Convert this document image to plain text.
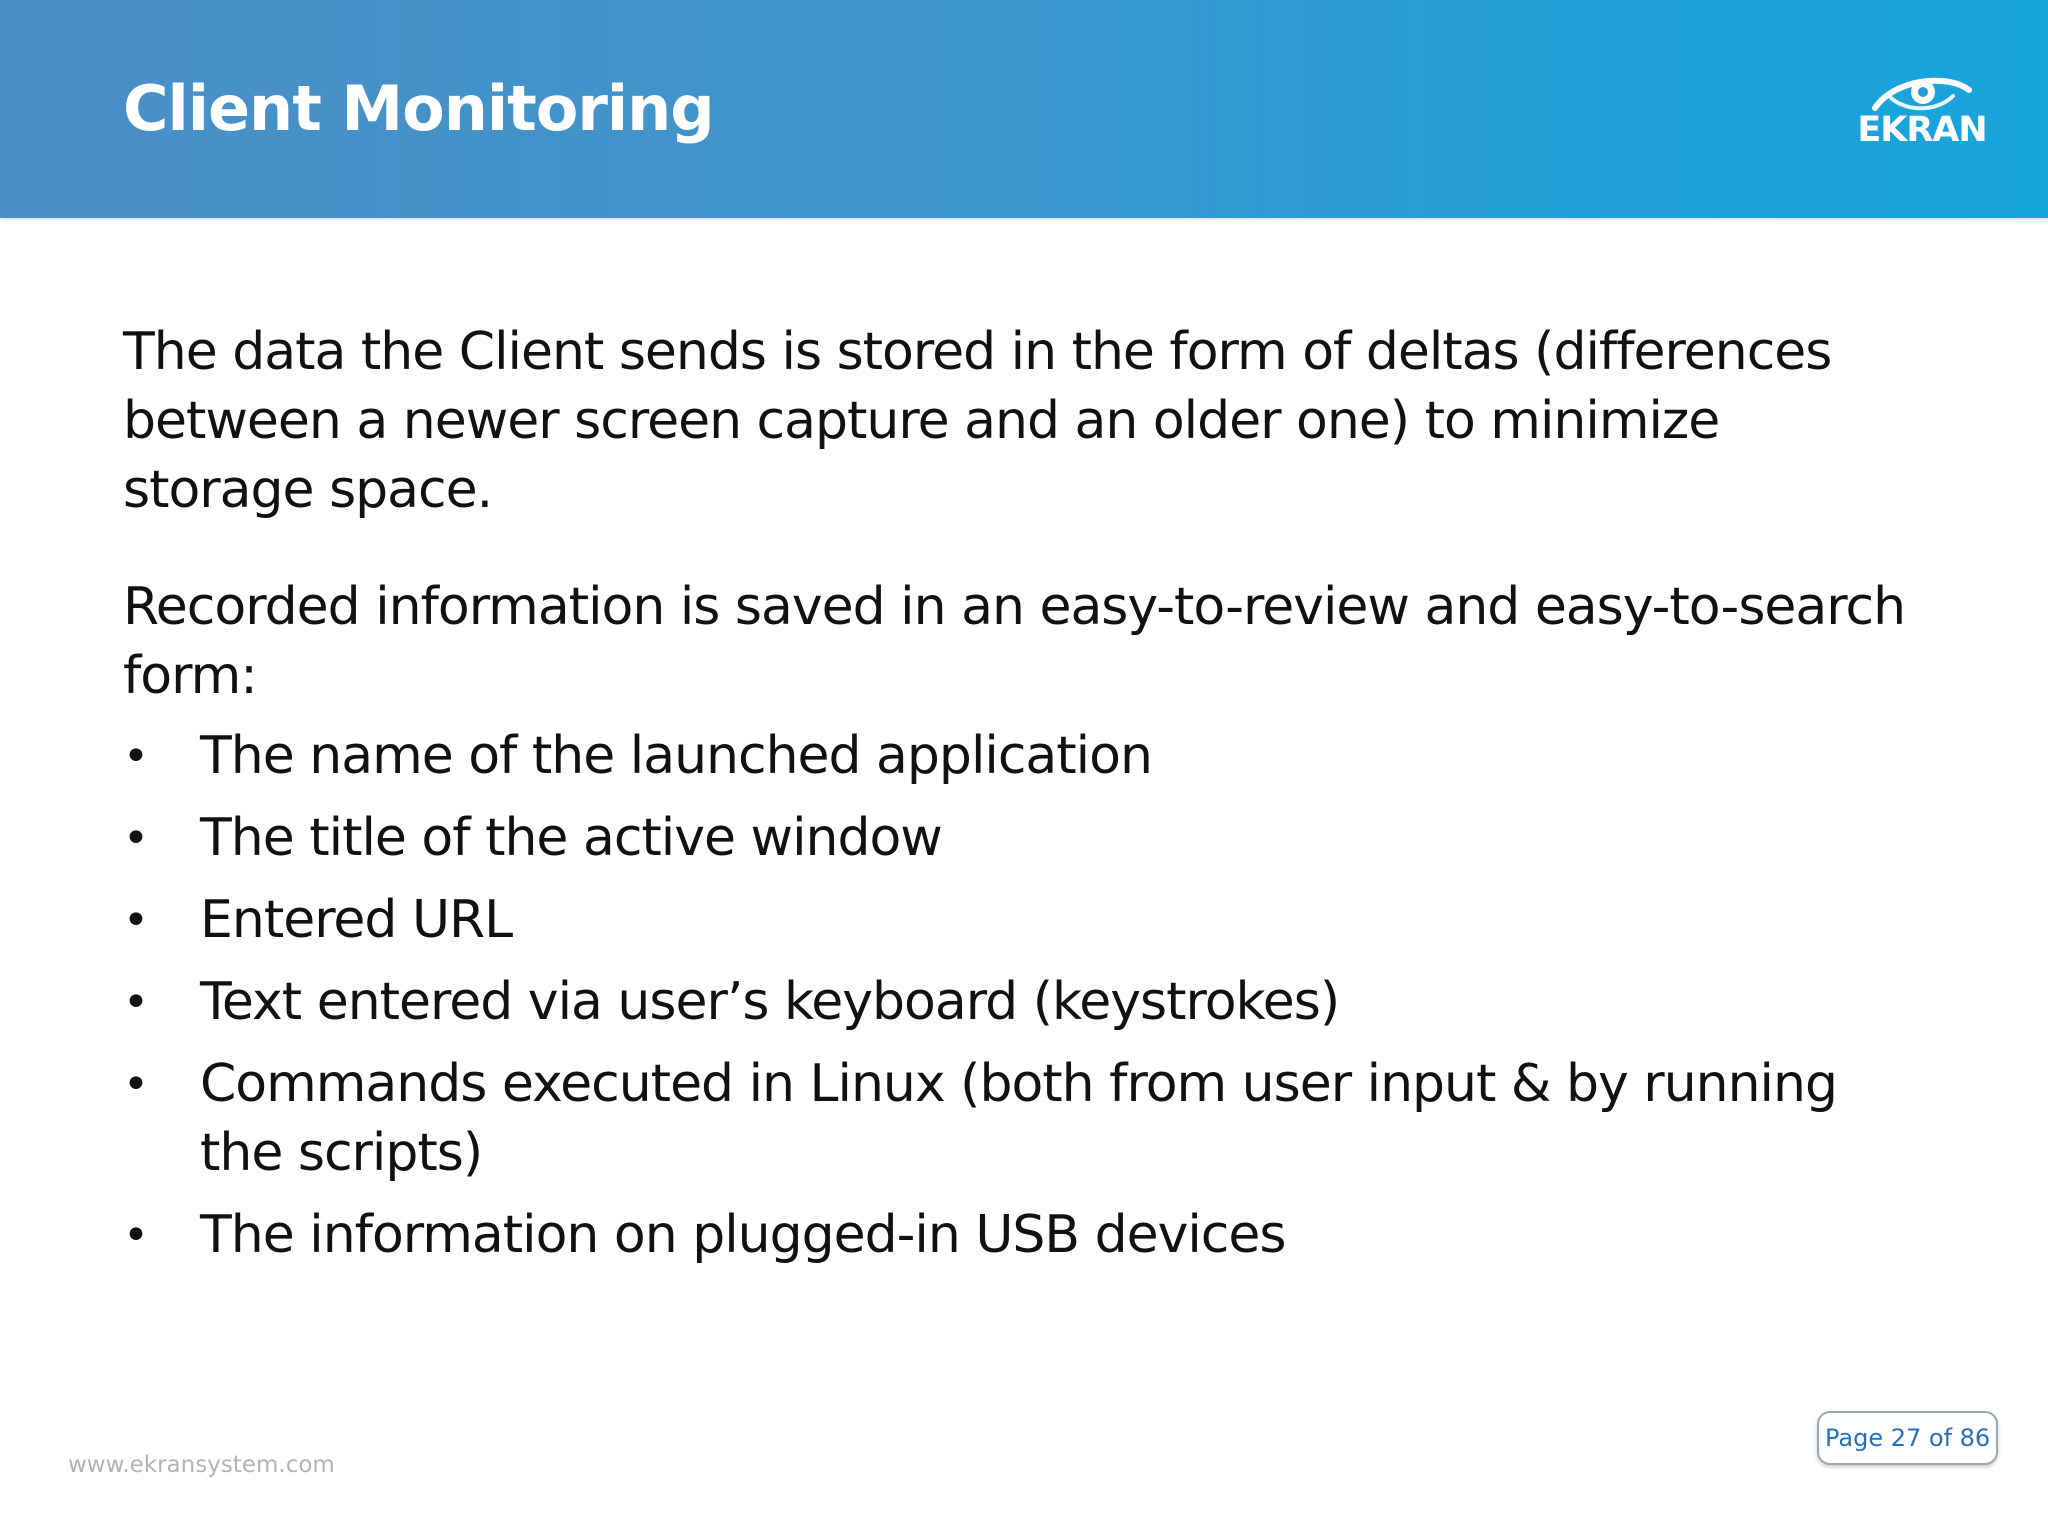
Client Monitoring	EKRAN

The data the Client sends is stored in the form of deltas (differences between a newer screen capture and an older one) to minimize storage space.

Recorded information is saved in an easy-to-review and easy-to-search form:

• The name of the launched application
• The title of the active window
• Entered URL
• Text entered via user’s keyboard (keystrokes)
• Commands executed in Linux (both from user input & by running the scripts)
• The information on plugged-in USB devices
www.ekransystem.com
Page 27 of 86
